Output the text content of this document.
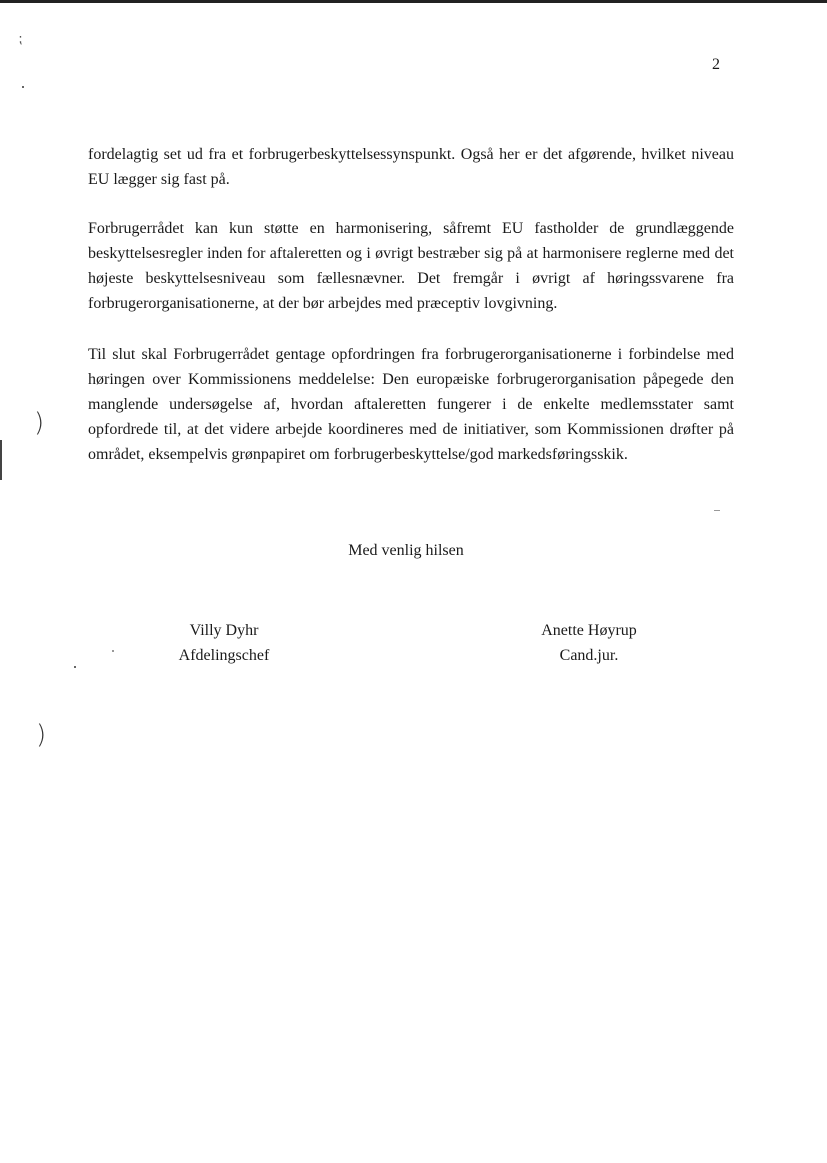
⁏
)
)
2

fordelagtig set ud fra et forbrugerbeskyttelsessynspunkt. Også her er det afgørende, hvilket niveau EU lægger sig fast på.

Forbrugerrådet kan kun støtte en harmonisering, såfremt EU fastholder de grundlæggende beskyttelsesregler inden for aftaleretten og i øvrigt bestræber sig på at harmonisere reglerne med det højeste beskyttelsesniveau som fællesnævner. Det fremgår i øvrigt af høringssvarene fra forbrugerorganisationerne, at der bør arbejdes med præceptiv lovgivning.

Til slut skal Forbrugerrådet gentage opfordringen fra forbrugerorganisationerne i forbindelse med høringen over Kommissionens meddelelse: Den europæiske forbrugerorganisation påpegede den manglende undersøgelse af, hvordan aftaleretten fungerer i de enkelte medlemsstater samt opfordrede til, at det videre arbejde koordineres med de initiativer, som Kommissionen drøfter på området, eksempelvis grønpapiret om forbrugerbeskyttelse/god markedsføringsskik.

Med venlig hilsen
Villy Dyhr
Afdelingschef
Anette Høyrup
Cand.jur.
